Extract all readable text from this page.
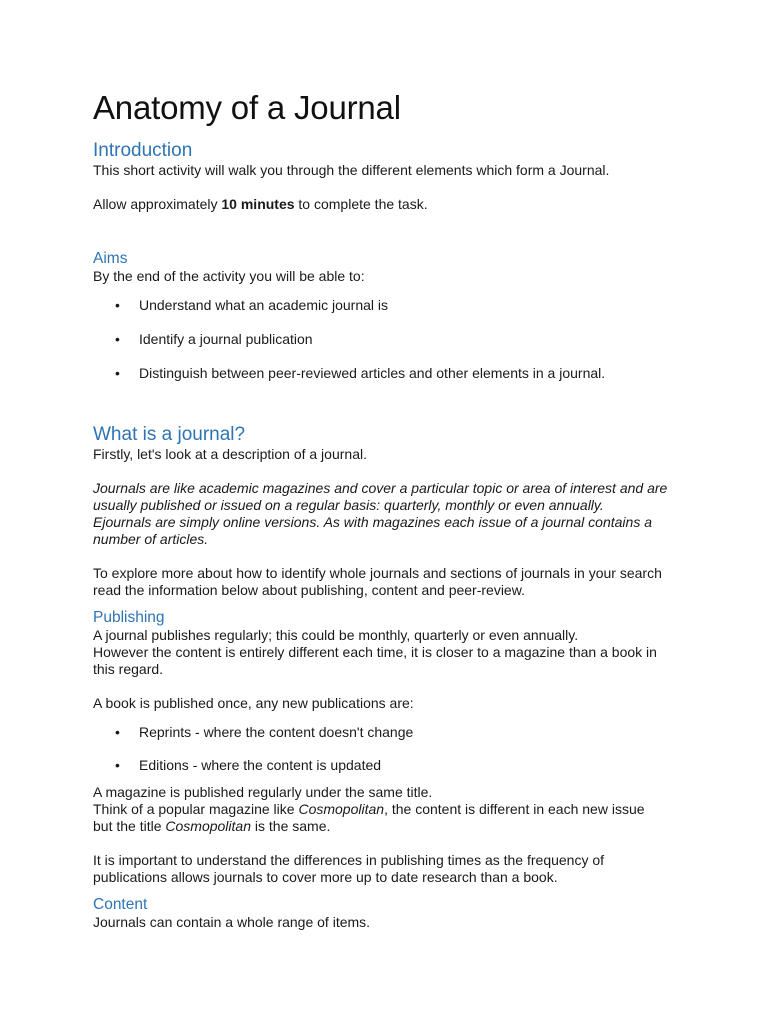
Anatomy of a Journal
Introduction

This short activity will walk you through the different elements which form a Journal.

Allow approximately 10 minutes to complete the task.

Aims

By the end of the activity you will be able to:

• Understand what an academic journal is
• Identify a journal publication
• Distinguish between peer-reviewed articles and other elements in a journal.
What is a journal?

Firstly, let's look at a description of a journal.

Journals are like academic magazines and cover a particular topic or area of interest and are

usually published or issued on a regular basis: quarterly, monthly or even annually.

Ejournals are simply online versions. As with magazines each issue of a journal contains a

number of articles.

To explore more about how to identify whole journals and sections of journals in your search

read the information below about publishing, content and peer-review.

Publishing

A journal publishes regularly; this could be monthly, quarterly or even annually.

However the content is entirely different each time, it is closer to a magazine than a book in

this regard.

A book is published once, any new publications are:

• Reprints - where the content doesn't change
• Editions - where the content is updated

A magazine is published regularly under the same title.

Think of a popular magazine like Cosmopolitan, the content is different in each new issue

but the title Cosmopolitan is the same.

It is important to understand the differences in publishing times as the frequency of

publications allows journals to cover more up to date research than a book.

Content

Journals can contain a whole range of items.
